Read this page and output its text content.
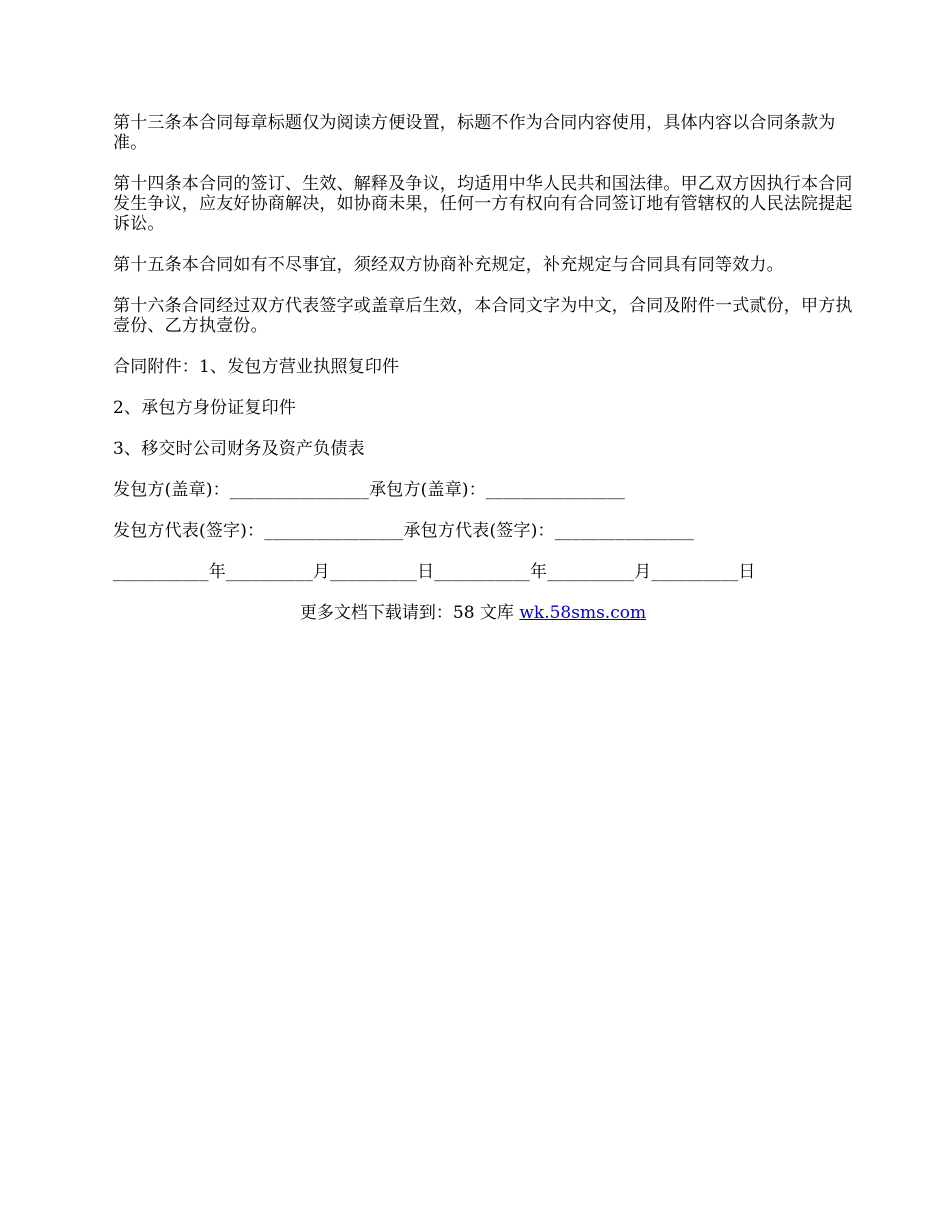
第十三条本合同每章标题仅为阅读方便设置，标题不作为合同内容使用，具体内容以合同条款为准。

第十四条本合同的签订、生效、解释及争议，均适用中华人民共和国法律。甲乙双方因执行本合同发生争议，应友好协商解决，如协商未果，任何一方有权向有合同签订地有管辖权的人民法院提起诉讼。

第十五条本合同如有不尽事宜，须经双方协商补充规定，补充规定与合同具有同等效力。

第十六条合同经过双方代表签字或盖章后生效，本合同文字为中文，合同及附件一式贰份，甲方执壹份、乙方执壹份。

合同附件：1、发包方营业执照复印件

2、承包方身份证复印件

3、移交时公司财务及资产负债表

发包方(盖章)：________________承包方(盖章)：________________

发包方代表(签字)：________________承包方代表(签字)：________________

___________年__________月__________日___________年__________月__________日

更多文档下载请到：58 文库 wk.58sms.com
